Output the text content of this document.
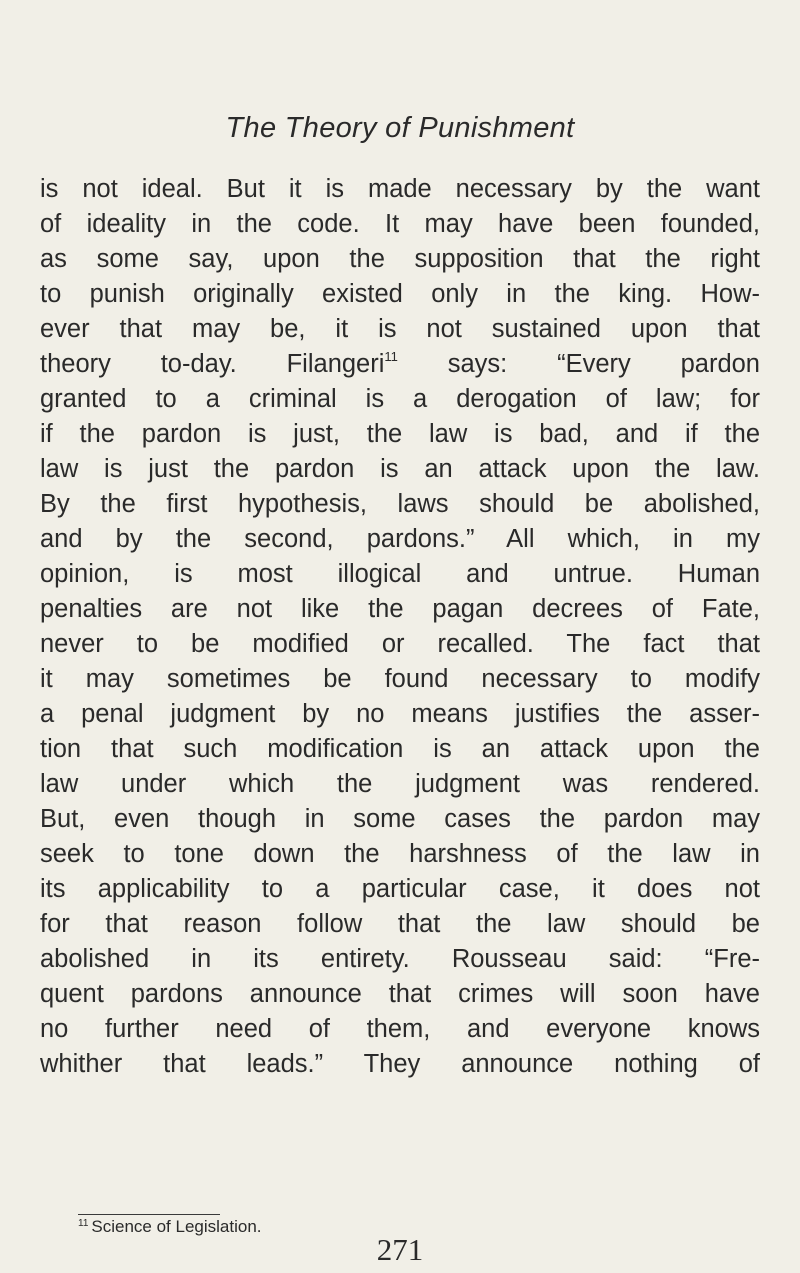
The Theory of Punishment
is not ideal. But it is made necessary by the want
of ideality in the code. It may have been founded,
as some say, upon the supposition that the right
to punish originally existed only in the king. How-
ever that may be, it is not sustained upon that
theory to-day. Filangeri$^{11}$ says: “Every pardon
granted to a criminal is a derogation of law; for
if the pardon is just, the law is bad, and if the
law is just the pardon is an attack upon the law.
By the first hypothesis, laws should be abolished,
and by the second, pardons.” All which, in my
opinion, is most illogical and untrue. Human
penalties are not like the pagan decrees of Fate,
never to be modified or recalled. The fact that
it may sometimes be found necessary to modify
a penal judgment by no means justifies the asser-
tion that such modification is an attack upon the
law under which the judgment was rendered.
But, even though in some cases the pardon may
seek to tone down the harshness of the law in
its applicability to a particular case, it does not
for that reason follow that the law should be
abolished in its entirety. Rousseau said: “Fre-
quent pardons announce that crimes will soon have
no further need of them, and everyone knows
whither that leads.” They announce nothing of
$^{11}$ Science of Legislation.
271
